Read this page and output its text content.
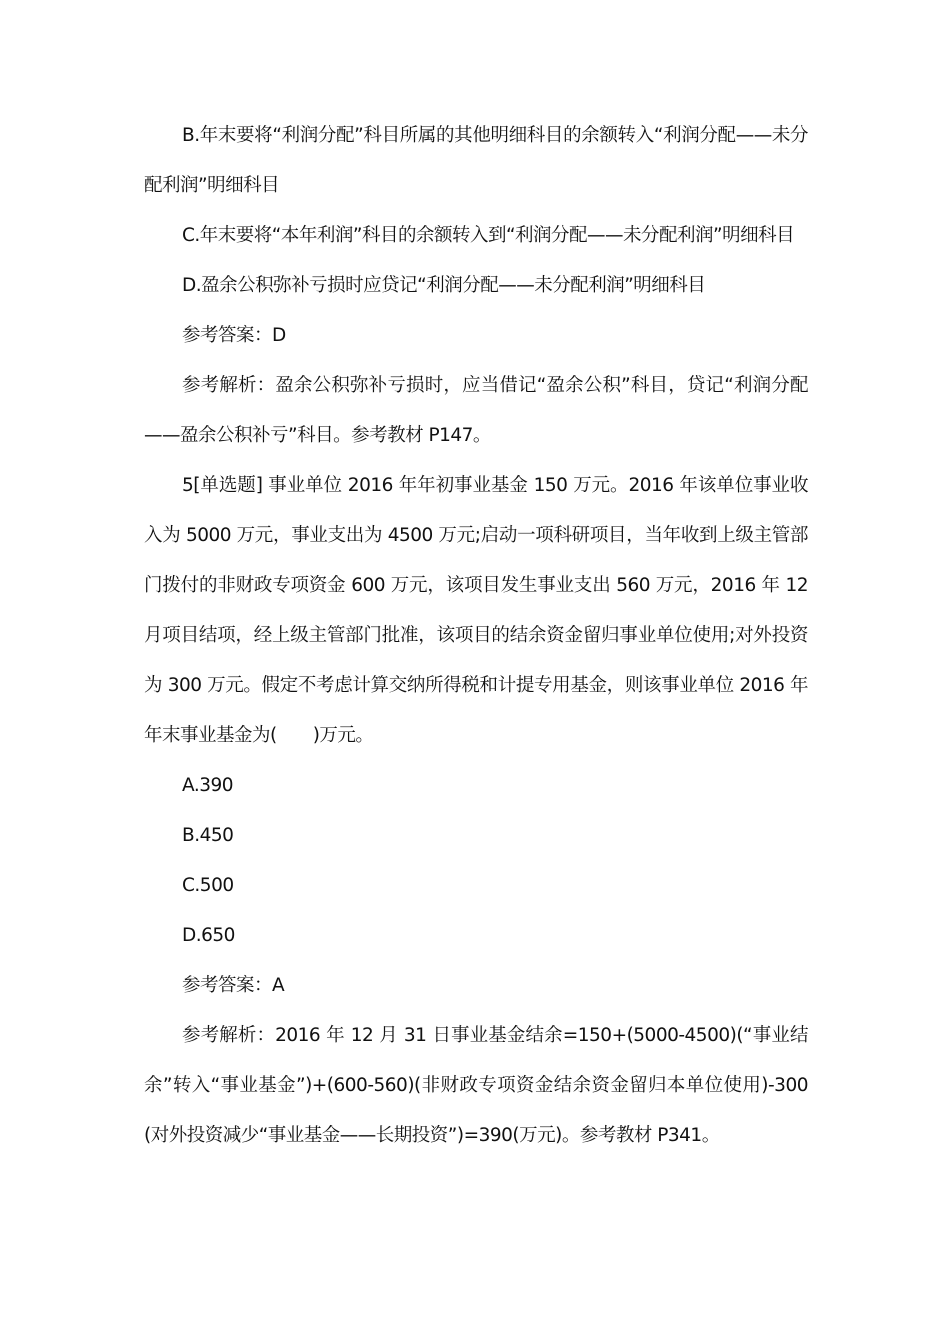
B.年末要将“利润分配”科目所属的其他明细科目的余额转入“利润分配——未分配利润”明细科目

C.年末要将“本年利润”科目的余额转入到“利润分配——未分配利润”明细科目

D.盈余公积弥补亏损时应贷记“利润分配——未分配利润”明细科目

参考答案：D

参考解析：盈余公积弥补亏损时，应当借记“盈余公积”科目，贷记“利润分配——盈余公积补亏”科目。参考教材 P147。

5[单选题] 事业单位 2016 年年初事业基金 150 万元。2016 年该单位事业收入为 5000 万元，事业支出为 4500 万元;启动一项科研项目，当年收到上级主管部门拨付的非财政专项资金 600 万元，该项目发生事业支出 560 万元，2016 年 12 月项目结项，经上级主管部门批准，该项目的结余资金留归事业单位使用;对外投资为 300 万元。假定不考虑计算交纳所得税和计提专用基金，则该事业单位 2016 年年末事业基金为(　　)万元。

A.390

B.450

C.500

D.650

参考答案：A

参考解析：2016 年 12 月 31 日事业基金结余=150+(5000-4500)(“事业结余”转入“事业基金”)+(600-560)(非财政专项资金结余资金留归本单位使用)-300(对外投资减少“事业基金——长期投资”)=390(万元)。参考教材 P341。
